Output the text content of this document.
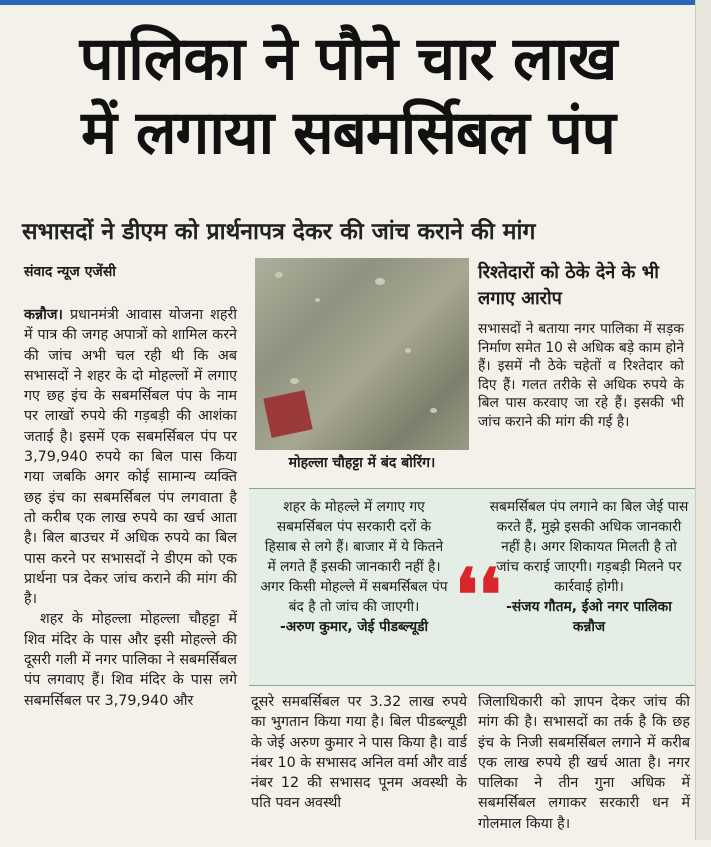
पालिका ने पौने चार लाख
में लगाया सबमर्सिबल पंप
सभासदों ने डीएम को प्रार्थनापत्र देकर की जांच कराने की मांग
संवाद न्यूज एजेंसी

कन्नौज। प्रधानमंत्री आवास योजना शहरी में पात्र की जगह अपात्रों को शामिल करने की जांच अभी चल रही थी कि अब सभासदों ने शहर के दो मोहल्लों में लगाए गए छह इंच के सबमर्सिबल पंप के नाम पर लाखों रुपये की गड़बड़ी की आशंका जताई है। इसमें एक सबमर्सिबल पंप पर 3,79,940 रुपये का बिल पास किया गया जबकि अगर कोई सामान्य व्यक्ति छह इंच का सबमर्सिबल पंप लगवाता है तो करीब एक लाख रुपये का खर्च आता है। बिल बाउचर में अधिक रुपये का बिल पास करने पर सभासदों ने डीएम को एक प्रार्थना पत्र देकर जांच कराने की मांग की है।

शहर के मोहल्ला मोहल्ला चौहट्टा में शिव मंदिर के पास और इसी मोहल्ले की दूसरी गली में नगर पालिका ने सबमर्सिबल पंप लगवाए हैं। शिव मंदिर के पास लगे सबमर्सिबल पर 3,79,940 और

मोहल्ला चौहट्टा में बंद बोरिंग।
रिश्तेदारों को ठेके देने के भी लगाए आरोप
सभासदों ने बताया नगर पालिका में सड़क निर्माण समेत 10 से अधिक बड़े काम होने हैं। इसमें नौ ठेके चहेतों व रिश्तेदार को दिए हैं। गलत तरीके से अधिक रुपये के बिल पास करवाए जा रहे हैं। इसकी भी जांच कराने की मांग की गई है।
शहर के मोहल्ले में लगाए गए सबमर्सिबल पंप सरकारी दरों के हिसाब से लगे हैं। बाजार में ये कितने में लगते हैं इसकी जानकारी नहीं है। अगर किसी मोहल्ले में सबमर्सिबल पंप बंद है तो जांच की जाएगी।
-अरुण कुमार, जेई पीडब्ल्यूडी ❛❛
सबमर्सिबल पंप लगाने का बिल जेई पास करते हैं, मुझे इसकी अधिक जानकारी नहीं है। अगर शिकायत मिलती है तो जांच कराई जाएगी। गड़बड़ी मिलने पर कार्रवाई होगी।
-संजय गौतम, ईओ नगर पालिका कन्नौज
दूसरे समबर्सिबल पर 3.32 लाख रुपये का भुगतान किया गया है। बिल पीडब्ल्यूडी के जेई अरुण कुमार ने पास किया है। वार्ड नंबर 10 के सभासद अनिल वर्मा और वार्ड नंबर 12 की सभासद पूनम अवस्थी के पति पवन अवस्थी
जिलाधिकारी को ज्ञापन देकर जांच की मांग की है। सभासदों का तर्क है कि छह इंच के निजी सबमर्सिबल लगाने में करीब एक लाख रुपये ही खर्च आता है। नगर पालिका ने तीन गुना अधिक में सबमर्सिबल लगाकर सरकारी धन में गोलमाल किया है।
